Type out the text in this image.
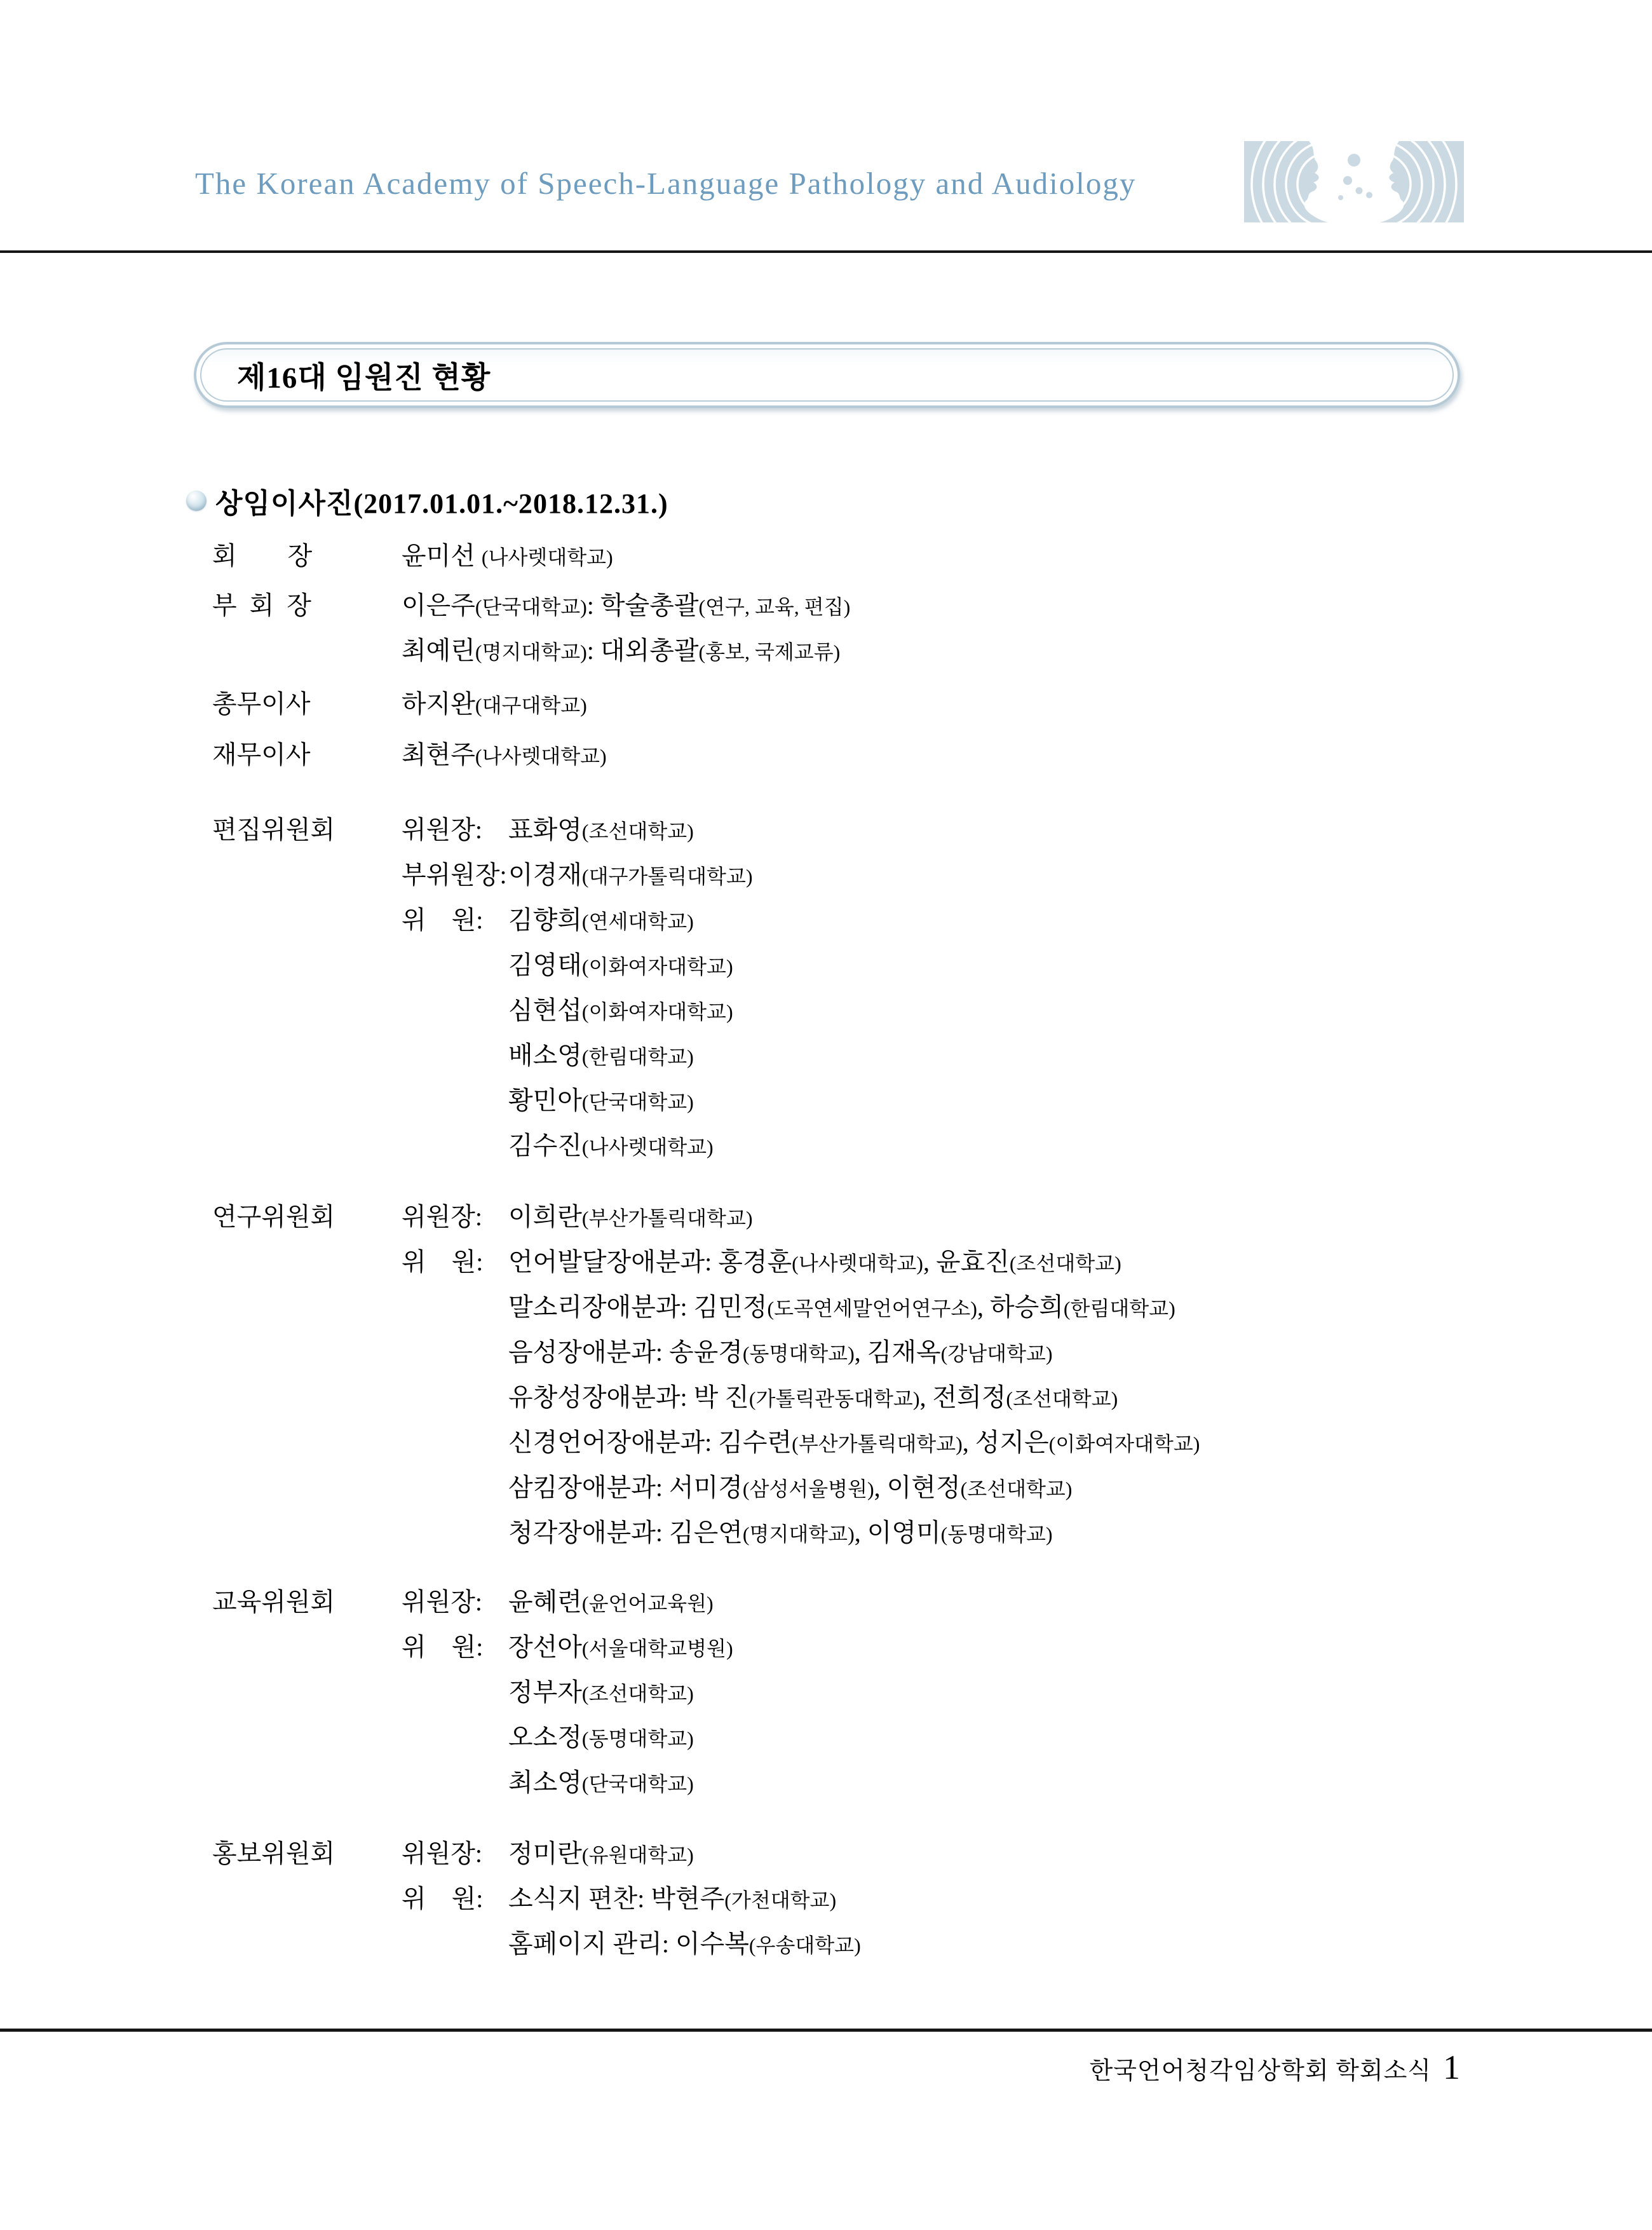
The Korean Academy of Speech-Language Pathology and Audiology
제16대 임원진 현황
상임이사진(2017.01.01.~2018.12.31.)
회  장	윤미선 (나사렛대학교)
부 회 장	이은주(단국대학교): 학술총괄(연구, 교육, 편집)
최예린(명지대학교): 대외총괄(홍보, 국제교류)
총무이사	하지완(대구대학교)
재무이사	최현주(나사렛대학교)
편집위원회	위원장:	표화영(조선대학교)
부위원장: 이경재(대구가톨릭대학교)
위 원: 김향희(연세대학교)
김영태(이화여자대학교)
심현섭(이화여자대학교)
배소영(한림대학교)
황민아(단국대학교)
김수진(나사렛대학교)
연구위원회	위원장:	이희란(부산가톨릭대학교)
위 원: 언어발달장애분과: 홍경훈(나사렛대학교), 윤효진(조선대학교)
말소리장애분과: 김민정(도곡연세말언어연구소), 하승희(한림대학교)
음성장애분과: 송윤경(동명대학교), 김재옥(강남대학교)
유창성장애분과: 박 진(가톨릭관동대학교), 전희정(조선대학교)
신경언어장애분과: 김수련(부산가톨릭대학교), 성지은(이화여자대학교)
삼킴장애분과: 서미경(삼성서울병원), 이현정(조선대학교)
청각장애분과: 김은연(명지대학교), 이영미(동명대학교)
교육위원회	위원장:	윤혜련(윤언어교육원)
위 원: 장선아(서울대학교병원)
정부자(조선대학교)
오소정(동명대학교)
최소영(단국대학교)
홍보위원회	위원장:	정미란(유원대학교)
위 원: 소식지 편찬: 박현주(가천대학교)
홈페이지 관리: 이수복(우송대학교)
한국언어청각임상학회 학회소식 1
